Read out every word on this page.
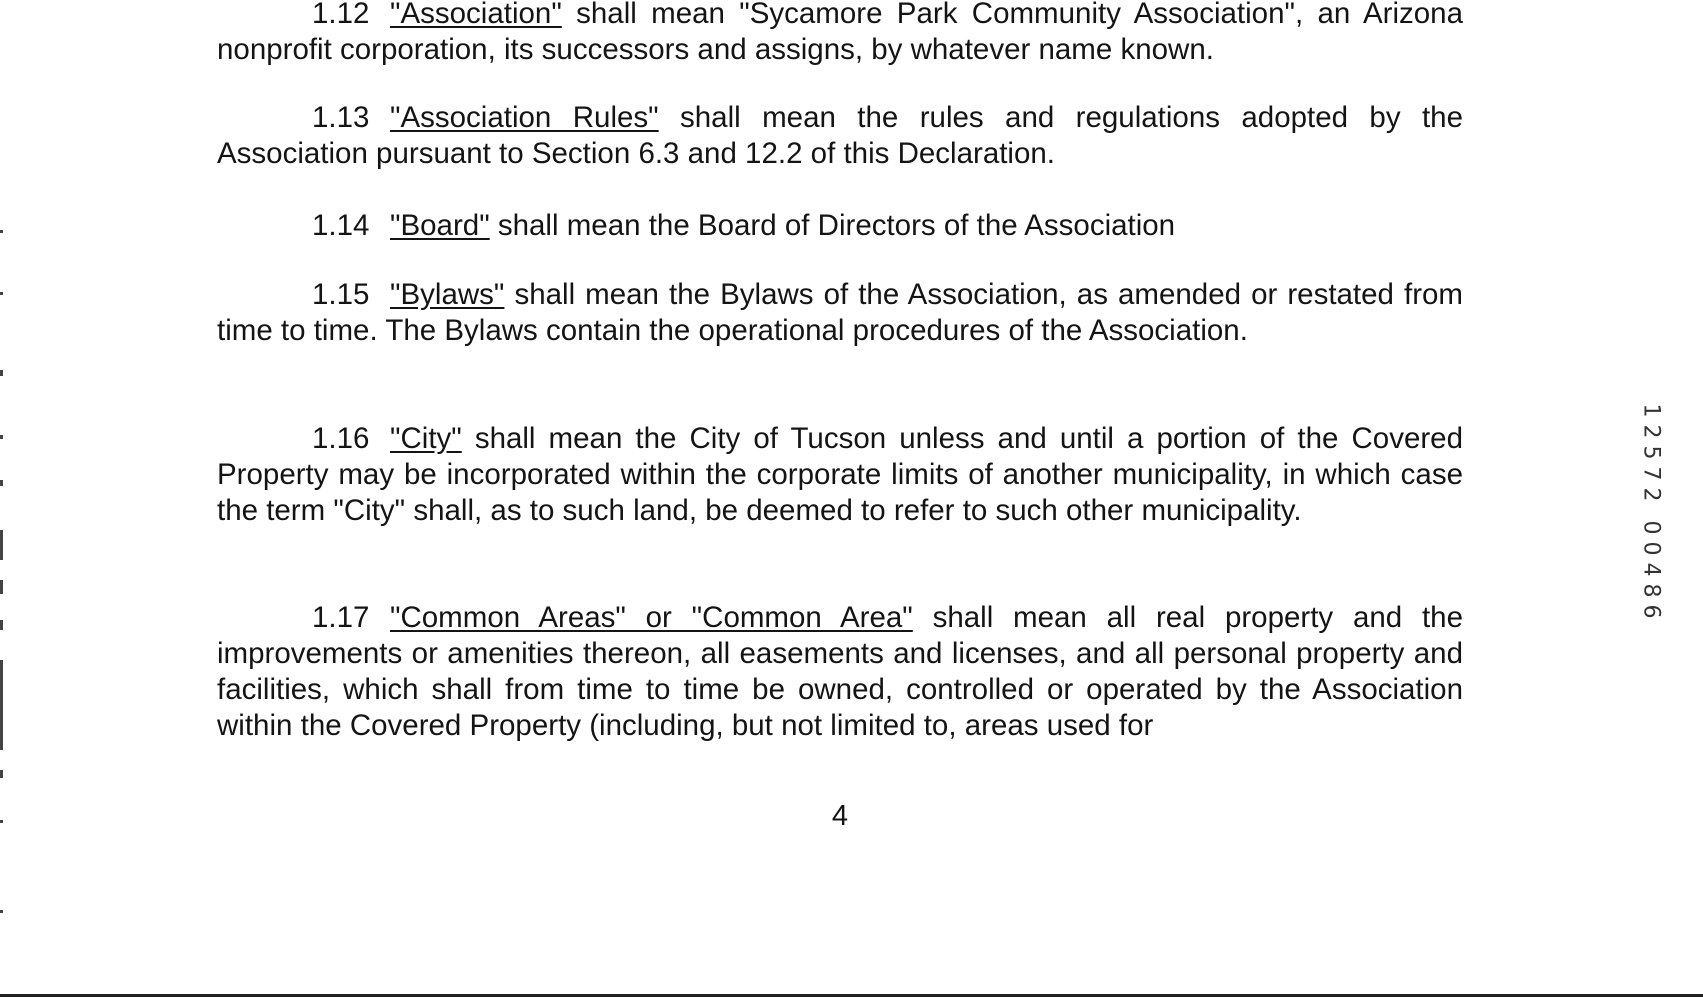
1.12 "Association" shall mean "Sycamore Park Community Association", an Arizona nonprofit corporation, its successors and assigns, by whatever name known.

1.13 "Association Rules" shall mean the rules and regulations adopted by the Association pursuant to Section 6.3 and 12.2 of this Declaration.

1.14 "Board" shall mean the Board of Directors of the Association

1.15 "Bylaws" shall mean the Bylaws of the Association, as amended or restated from time to time. The Bylaws contain the operational procedures of the Association.

1.16 "City" shall mean the City of Tucson unless and until a portion of the Covered Property may be incorporated within the corporate limits of another municipality, in which case the term "City" shall, as to such land, be deemed to refer to such other municipality.

1.17 "Common Areas" or "Common Area" shall mean all real property and the improvements or amenities thereon, all easements and licenses, and all personal property and facilities, which shall from time to time be owned, controlled or operated by the Association within the Covered Property (including, but not limited to, areas used for

4
1
2
5
7
2
0
0
4
8
6
